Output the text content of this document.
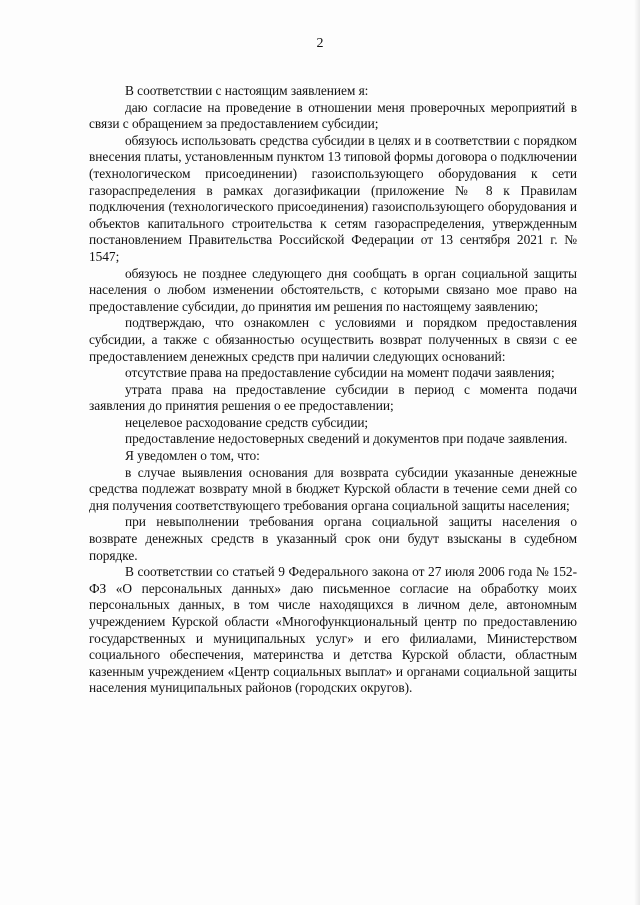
2

В соответствии с настоящим заявлением я:

даю согласие на проведение в отношении меня проверочных мероприятий в связи с обращением за предоставлением субсидии;

обязуюсь использовать средства субсидии в целях и в соответствии с порядком внесения платы, установленным пунктом 13 типовой формы договора о подключении (технологическом присоединении) газоиспользующего оборудования к сети газораспределения в рамках догазификации (приложение № 8 к Правилам подключения (технологического присоединения) газоиспользующего оборудования и объектов капитального строительства к сетям газораспределения, утвержденным постановлением Правительства Российской Федерации от 13 сентября 2021 г. № 1547;

обязуюсь не позднее следующего дня сообщать в орган социальной защиты населения о любом изменении обстоятельств, с которыми связано мое право на предоставление субсидии, до принятия им решения по настоящему заявлению;

подтверждаю, что ознакомлен с условиями и порядком предоставления субсидии, а также с обязанностью осуществить возврат полученных в связи с ее предоставлением денежных средств при наличии следующих оснований:

отсутствие права на предоставление субсидии на момент подачи заявления;

утрата права на предоставление субсидии в период с момента подачи заявления до принятия решения о ее предоставлении;

нецелевое расходование средств субсидии;

предоставление недостоверных сведений и документов при подаче заявления.

Я уведомлен о том, что:

в случае выявления основания для возврата субсидии указанные денежные средства подлежат возврату мной в бюджет Курской области в течение семи дней со дня получения соответствующего требования органа социальной защиты населения;

при невыполнении требования органа социальной защиты населения о возврате денежных средств в указанный срок они будут взысканы в судебном порядке.

В соответствии со статьей 9 Федерального закона от 27 июля 2006 года № 152-ФЗ «О персональных данных» даю письменное согласие на обработку моих персональных данных, в том числе находящихся в личном деле, автономным учреждением Курской области «Многофункциональный центр по предоставлению государственных и муниципальных услуг» и его филиалами, Министерством социального обеспечения, материнства и детства Курской области, областным казенным учреждением «Центр социальных выплат» и органами социальной защиты населения муниципальных районов (городских округов).
